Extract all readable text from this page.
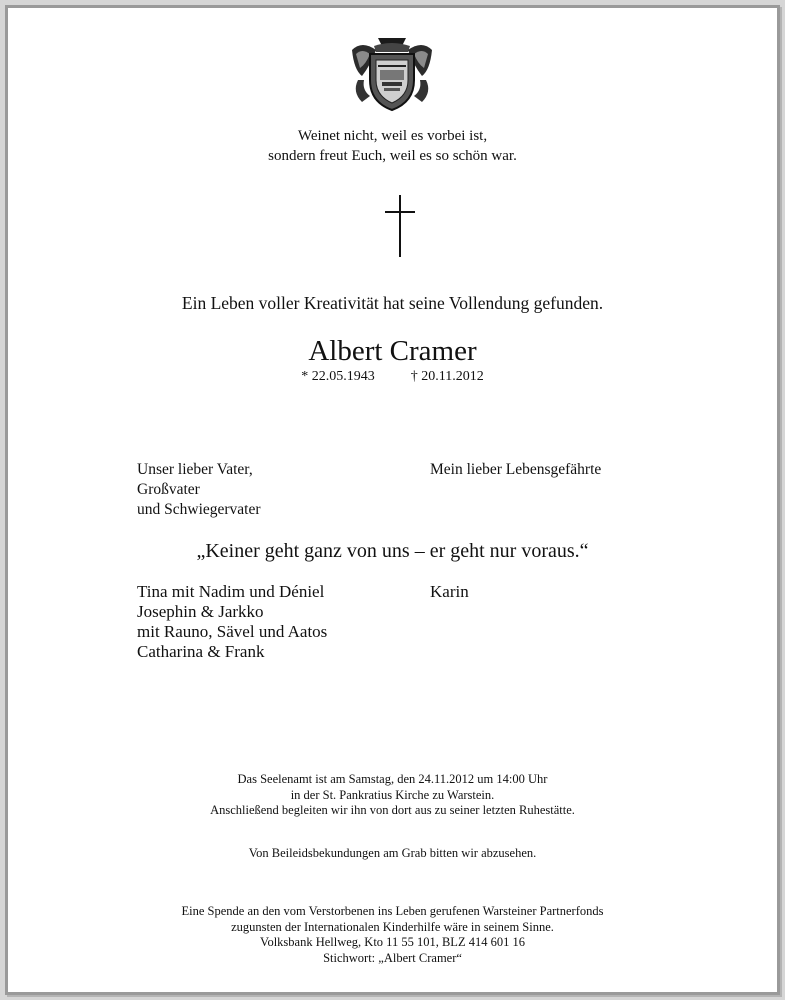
Weinet nicht, weil es vorbei ist,
sondern freut Euch, weil es so schön war.
Ein Leben voller Kreativität hat seine Vollendung gefunden.
Albert Cramer
* 22.05.1943	† 20.11.2012
Unser lieber Vater,
Großvater
und Schwiegervater
Mein lieber Lebensgefährte
„Keiner geht ganz von uns – er geht nur voraus.“
Tina mit Nadim und Déniel
Josephin & Jarkko
mit Rauno, Sävel und Aatos
Catharina & Frank
Karin
Das Seelenamt ist am Samstag, den 24.11.2012 um 14:00 Uhr
in der St. Pankratius Kirche zu Warstein.
Anschließend begleiten wir ihn von dort aus zu seiner letzten Ruhestätte.
Von Beileidsbekundungen am Grab bitten wir abzusehen.
Eine Spende an den vom Verstorbenen ins Leben gerufenen Warsteiner Partnerfonds
zugunsten der Internationalen Kinderhilfe wäre in seinem Sinne.
Volksbank Hellweg, Kto 11 55 101, BLZ 414 601 16
Stichwort: „Albert Cramer“
